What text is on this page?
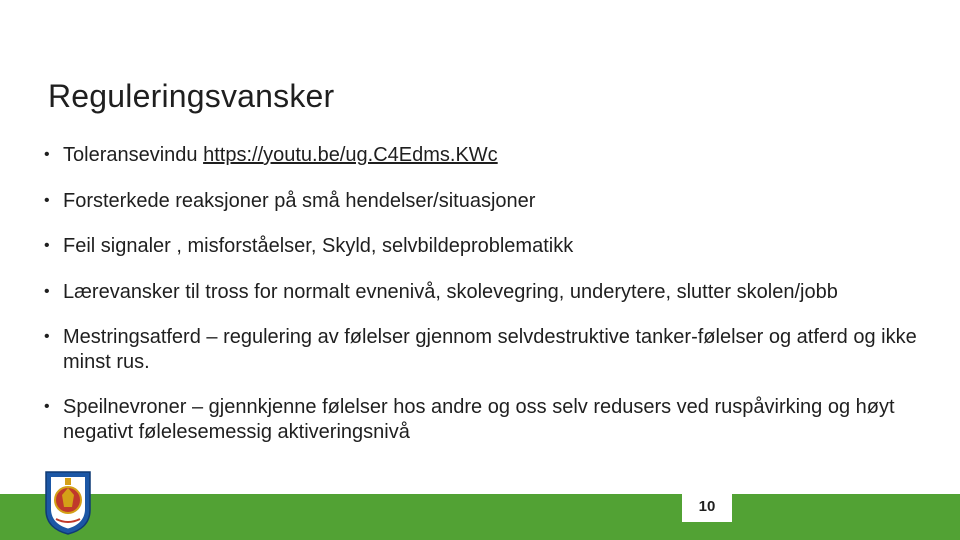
Reguleringsvansker
• Toleransevindu https://youtu.be/ug.C4Edms.KWc
• Forsterkede reaksjoner på små hendelser/situasjoner
• Feil signaler , misforståelser, Skyld, selvbildeproblematikk
• Lærevansker til tross for normalt evnenivå, skolevegring, underytere, slutter skolen/jobb
• Mestringsatferd – regulering av følelser gjennom selvdestruktive tanker-følelser og atferd og ikke minst rus.
• Speilnevroner – gjennkjenne følelser hos andre og oss selv redusers ved ruspåvirking og høyt negativt følelesemessig aktiveringsnivå
10
